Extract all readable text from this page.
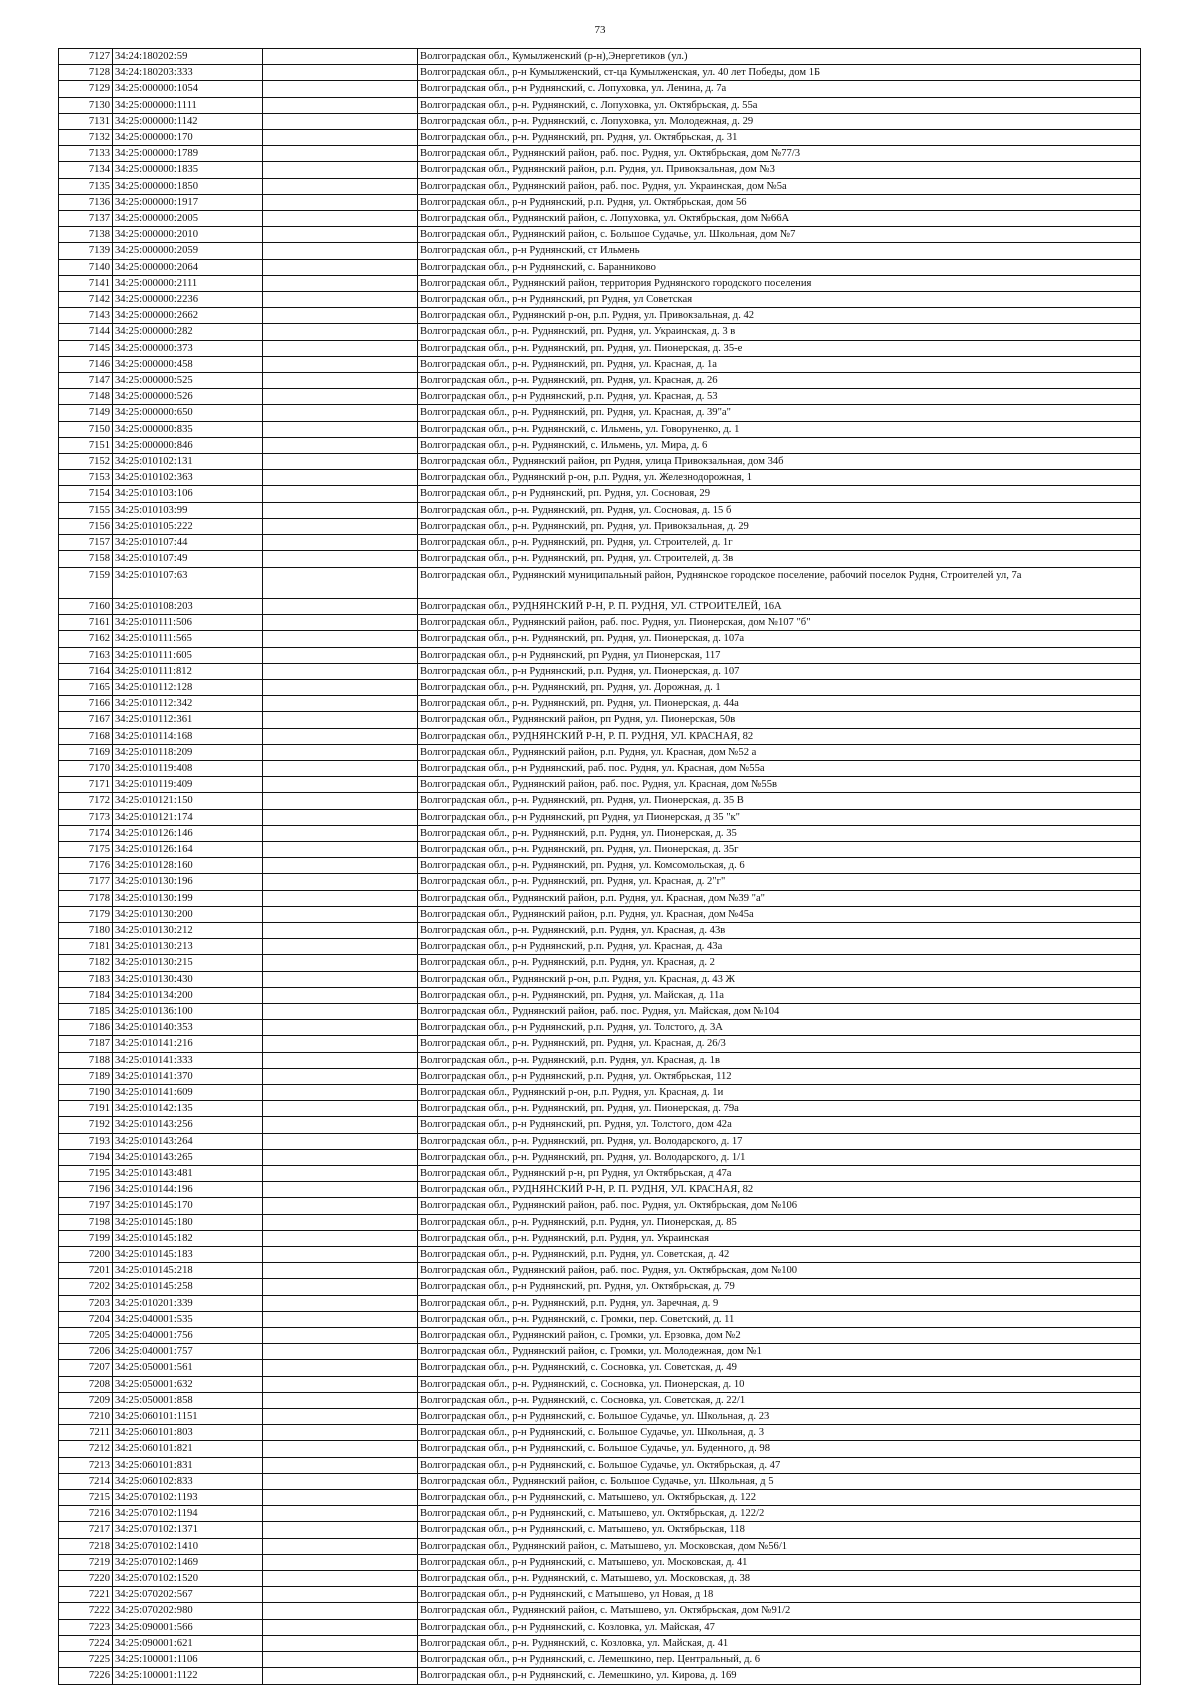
73
7127	34:24:180202:59		Волгоградская обл., Кумылженский (р-н),Энергетиков (ул.)
7128	34:24:180203:333		Волгоградская обл., р-н Кумылженский, ст-ца Кумылженская, ул. 40 лет Победы, дом 1Б
7129	34:25:000000:1054		Волгоградская обл., р-н Руднянский, с. Лопуховка, ул. Ленина, д. 7а
7130	34:25:000000:1111		Волгоградская обл., р-н. Руднянский, с. Лопуховка, ул. Октябрьская, д. 55а
7131	34:25:000000:1142		Волгоградская обл., р-н. Руднянский, с. Лопуховка, ул. Молодежная, д. 29
7132	34:25:000000:170		Волгоградская обл., р-н. Руднянский, рп. Рудня, ул. Октябрьская, д. 31
7133	34:25:000000:1789		Волгоградская обл., Руднянский район, раб. пос. Рудня, ул. Октябрьская, дом №77/3
7134	34:25:000000:1835		Волгоградская обл., Руднянский район, р.п. Рудня, ул. Привокзальная, дом №3
7135	34:25:000000:1850		Волгоградская обл., Руднянский район, раб. пос. Рудня, ул. Украинская, дом №5а
7136	34:25:000000:1917		Волгоградская обл., р-н Руднянский, р.п. Рудня, ул. Октябрьская, дом 56
7137	34:25:000000:2005		Волгоградская обл., Руднянский район, с. Лопуховка, ул. Октябрьская, дом №66А
7138	34:25:000000:2010		Волгоградская обл., Руднянский район, с. Большое Судачье, ул. Школьная, дом №7
7139	34:25:000000:2059		Волгоградская обл., р-н Руднянский, ст Ильмень
7140	34:25:000000:2064		Волгоградская обл., р-н Руднянский, с. Баранниково
7141	34:25:000000:2111		Волгоградская обл., Руднянский район, территория Руднянского городского поселения
7142	34:25:000000:2236		Волгоградская обл., р-н Руднянский, рп Рудня, ул Советская
7143	34:25:000000:2662		Волгоградская обл., Руднянский р-он, р.п. Рудня, ул. Привокзальная, д. 42
7144	34:25:000000:282		Волгоградская обл., р-н. Руднянский, рп. Рудня, ул. Украинская, д. 3 в
7145	34:25:000000:373		Волгоградская обл., р-н. Руднянский, рп. Рудня, ул. Пионерская, д. 35-е
7146	34:25:000000:458		Волгоградская обл., р-н. Руднянский, рп. Рудня, ул. Красная, д. 1а
7147	34:25:000000:525		Волгоградская обл., р-н. Руднянский, рп. Рудня, ул. Красная, д. 26
7148	34:25:000000:526		Волгоградская обл., р-н Руднянский, р.п. Рудня, ул. Красная, д. 53
7149	34:25:000000:650		Волгоградская обл., р-н. Руднянский, рп. Рудня, ул. Красная, д. 39"а"
7150	34:25:000000:835		Волгоградская обл., р-н. Руднянский, с. Ильмень, ул. Говоруненко, д. 1
7151	34:25:000000:846		Волгоградская обл., р-н. Руднянский, с. Ильмень, ул. Мира, д. 6
7152	34:25:010102:131		Волгоградская обл., Руднянский район, рп Рудня, улица Привокзальная, дом 34б
7153	34:25:010102:363		Волгоградская обл., Руднянский р-он, р.п. Рудня, ул. Железнодорожная, 1
7154	34:25:010103:106		Волгоградская обл., р-н Руднянский, рп. Рудня, ул. Сосновая, 29
7155	34:25:010103:99		Волгоградская обл., р-н. Руднянский, рп. Рудня, ул. Сосновая, д. 15 б
7156	34:25:010105:222		Волгоградская обл., р-н. Руднянский, рп. Рудня, ул. Привокзальная, д. 29
7157	34:25:010107:44		Волгоградская обл., р-н. Руднянский, рп. Рудня, ул. Строителей, д. 1г
7158	34:25:010107:49		Волгоградская обл., р-н. Руднянский, рп. Рудня, ул. Строителей, д. 3в
7159	34:25:010107:63		Волгоградская обл., Руднянский муниципальный район, Руднянское городское поселение, рабочий поселок Рудня, Строителей ул, 7а
7160	34:25:010108:203		Волгоградская обл., РУДНЯНСКИЙ Р-Н, Р. П. РУДНЯ, УЛ. СТРОИТЕЛЕЙ, 16А
7161	34:25:010111:506		Волгоградская обл., Руднянский район, раб. пос. Рудня, ул. Пионерская, дом №107 "б"
7162	34:25:010111:565		Волгоградская обл., р-н. Руднянский, рп. Рудня, ул. Пионерская, д. 107а
7163	34:25:010111:605		Волгоградская обл., р-н Руднянский, рп Рудня, ул Пионерская, 117
7164	34:25:010111:812		Волгоградская обл., р-н Руднянский, р.п. Рудня, ул. Пионерская, д. 107
7165	34:25:010112:128		Волгоградская обл., р-н. Руднянский, рп. Рудня, ул. Дорожная, д. 1
7166	34:25:010112:342		Волгоградская обл., р-н. Руднянский, рп. Рудня, ул. Пионерская, д. 44а
7167	34:25:010112:361		Волгоградская обл., Руднянский район, рп Рудня, ул. Пионерская, 50в
7168	34:25:010114:168		Волгоградская обл., РУДНЯНСКИЙ Р-Н, Р. П. РУДНЯ, УЛ. КРАСНАЯ, 82
7169	34:25:010118:209		Волгоградская обл., Руднянский район, р.п. Рудня, ул. Красная, дом №52 а
7170	34:25:010119:408		Волгоградская обл., р-н Руднянский, раб. пос. Рудня, ул. Красная, дом №55а
7171	34:25:010119:409		Волгоградская обл., Руднянский район, раб. пос. Рудня, ул. Красная, дом №55в
7172	34:25:010121:150		Волгоградская обл., р-н. Руднянский, рп. Рудня, ул. Пионерская, д. 35 В
7173	34:25:010121:174		Волгоградская обл., р-н Руднянский, рп Рудня, ул Пионерская, д 35 "к"
7174	34:25:010126:146		Волгоградская обл., р-н. Руднянский, р.п. Рудня, ул. Пионерская, д. 35
7175	34:25:010126:164		Волгоградская обл., р-н. Руднянский, рп. Рудня, ул. Пионерская, д. 35г
7176	34:25:010128:160		Волгоградская обл., р-н. Руднянский, рп. Рудня, ул. Комсомольская, д. 6
7177	34:25:010130:196		Волгоградская обл., р-н. Руднянский, рп. Рудня, ул. Красная, д. 2"г"
7178	34:25:010130:199		Волгоградская обл., Руднянский район, р.п. Рудня, ул. Красная, дом №39 "а"
7179	34:25:010130:200		Волгоградская обл., Руднянский район, р.п. Рудня, ул. Красная, дом №45а
7180	34:25:010130:212		Волгоградская обл., р-н. Руднянский, р.п. Рудня, ул. Красная, д. 43в
7181	34:25:010130:213		Волгоградская обл., р-н Руднянский, р.п. Рудня, ул. Красная, д. 43а
7182	34:25:010130:215		Волгоградская обл., р-н. Руднянский, р.п. Рудня, ул. Красная, д. 2
7183	34:25:010130:430		Волгоградская обл., Руднянский р-он, р.п. Рудня, ул. Красная, д. 43 Ж
7184	34:25:010134:200		Волгоградская обл., р-н. Руднянский, рп. Рудня, ул. Майская, д. 11а
7185	34:25:010136:100		Волгоградская обл., Руднянский район, раб. пос. Рудня, ул. Майская, дом №104
7186	34:25:010140:353		Волгоградская обл., р-н Руднянский, р.п. Рудня, ул. Толстого, д. 3А
7187	34:25:010141:216		Волгоградская обл., р-н. Руднянский, рп. Рудня, ул. Красная, д. 26/3
7188	34:25:010141:333		Волгоградская обл., р-н. Руднянский, р.п. Рудня, ул. Красная, д. 1в
7189	34:25:010141:370		Волгоградская обл., р-н Руднянский, р.п. Рудня, ул. Октябрьская, 112
7190	34:25:010141:609		Волгоградская обл., Руднянский р-он, р.п. Рудня, ул. Красная, д. 1и
7191	34:25:010142:135		Волгоградская обл., р-н. Руднянский, рп. Рудня, ул. Пионерская, д. 79а
7192	34:25:010143:256		Волгоградская обл., р-н Руднянский, рп. Рудня, ул. Толстого, дом 42а
7193	34:25:010143:264		Волгоградская обл., р-н. Руднянский, рп. Рудня, ул. Володарского, д. 17
7194	34:25:010143:265		Волгоградская обл., р-н. Руднянский, рп. Рудня, ул. Володарского, д. 1/1
7195	34:25:010143:481		Волгоградская обл., Руднянский р-н, рп Рудня, ул Октябрьская, д 47а
7196	34:25:010144:196		Волгоградская обл., РУДНЯНСКИЙ Р-Н, Р. П. РУДНЯ, УЛ. КРАСНАЯ, 82
7197	34:25:010145:170		Волгоградская обл., Руднянский район, раб. пос. Рудня, ул. Октябрьская, дом №106
7198	34:25:010145:180		Волгоградская обл., р-н. Руднянский, р.п. Рудня, ул. Пионерская, д. 85
7199	34:25:010145:182		Волгоградская обл., р-н. Руднянский, р.п. Рудня, ул. Украинская
7200	34:25:010145:183		Волгоградская обл., р-н. Руднянский, р.п. Рудня, ул. Советская, д. 42
7201	34:25:010145:218		Волгоградская обл., Руднянский район, раб. пос. Рудня, ул. Октябрьская, дом №100
7202	34:25:010145:258		Волгоградская обл., р-н Руднянский, рп. Рудня, ул. Октябрьская, д. 79
7203	34:25:010201:339		Волгоградская обл., р-н. Руднянский, р.п. Рудня, ул. Заречная, д. 9
7204	34:25:040001:535		Волгоградская обл., р-н. Руднянский, с. Громки, пер. Советский, д. 11
7205	34:25:040001:756		Волгоградская обл., Руднянский район, с. Громки, ул. Ерзовка, дом №2
7206	34:25:040001:757		Волгоградская обл., Руднянский район, с. Громки, ул. Молодежная, дом №1
7207	34:25:050001:561		Волгоградская обл., р-н. Руднянский, с. Сосновка, ул. Советская, д. 49
7208	34:25:050001:632		Волгоградская обл., р-н. Руднянский, с. Сосновка, ул. Пионерская, д. 10
7209	34:25:050001:858		Волгоградская обл., р-н. Руднянский, с. Сосновка, ул. Советская, д. 22/1
7210	34:25:060101:1151		Волгоградская обл., р-н Руднянский, с. Большое Судачье, ул. Школьная, д. 23
7211	34:25:060101:803		Волгоградская обл., р-н Руднянский, с. Большое Судачье, ул. Школьная, д. 3
7212	34:25:060101:821		Волгоградская обл., р-н Руднянский, с. Большое Судачье, ул. Буденного, д. 98
7213	34:25:060101:831		Волгоградская обл., р-н Руднянский, с. Большое Судачье, ул. Октябрьская, д. 47
7214	34:25:060102:833		Волгоградская обл., Руднянский район, с. Большое Судачье, ул. Школьная, д 5
7215	34:25:070102:1193		Волгоградская обл., р-н Руднянский, с. Матышево, ул. Октябрьская, д. 122
7216	34:25:070102:1194		Волгоградская обл., р-н Руднянский, с. Матышево, ул. Октябрьская, д. 122/2
7217	34:25:070102:1371		Волгоградская обл., р-н Руднянский, с. Матышево, ул. Октябрьская, 118
7218	34:25:070102:1410		Волгоградская обл., Руднянский район, с. Матышево, ул. Московская, дом №56/1
7219	34:25:070102:1469		Волгоградская обл., р-н Руднянский, с. Матышево, ул. Московская, д. 41
7220	34:25:070102:1520		Волгоградская обл., р-н. Руднянский, с. Матышево, ул. Московская, д. 38
7221	34:25:070202:567		Волгоградская обл., р-н Руднянский, с Матышево, ул Новая, д 18
7222	34:25:070202:980		Волгоградская обл., Руднянский район, с. Матышево, ул. Октябрьская, дом №91/2
7223	34:25:090001:566		Волгоградская обл., р-н Руднянский, с. Козловка, ул. Майская, 47
7224	34:25:090001:621		Волгоградская обл., р-н. Руднянский, с. Козловка, ул. Майская, д. 41
7225	34:25:100001:1106		Волгоградская обл., р-н Руднянский, с. Лемешкино, пер. Центральный, д. 6
7226	34:25:100001:1122		Волгоградская обл., р-н Руднянский, с. Лемешкино, ул. Кирова, д. 169
